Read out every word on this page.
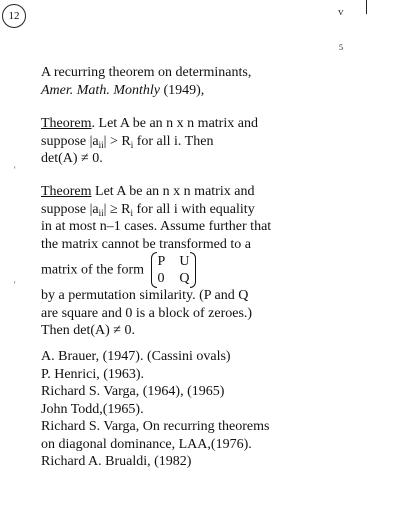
12	v
5
‘
‘
A recurring theorem on determinants,
Amer. Math. Monthly (1949),
Theorem. Let A be an n x n matrix and
suppose $|a_{ii}| > R_i$ for all i. Then
det(A) ≠ 0.
Theorem Let A be an n x n matrix and
suppose $|a_{ii}| \ge R_i$ for all i with equality
in at most n–1 cases. Assume further that
the matrix cannot be transformed to a
matrix of the form
P U
0 Q
by a permutation similarity. (P and Q
are square and 0 is a block of zeroes.)
Then det(A) ≠ 0.
A. Brauer, (1947). (Cassini ovals)
P. Henrici, (1963).
Richard S. Varga, (1964), (1965)
John Todd,(1965).
Richard S. Varga, On recurring theorems
on diagonal dominance, LAA,(1976).
Richard A. Brualdi, (1982)
